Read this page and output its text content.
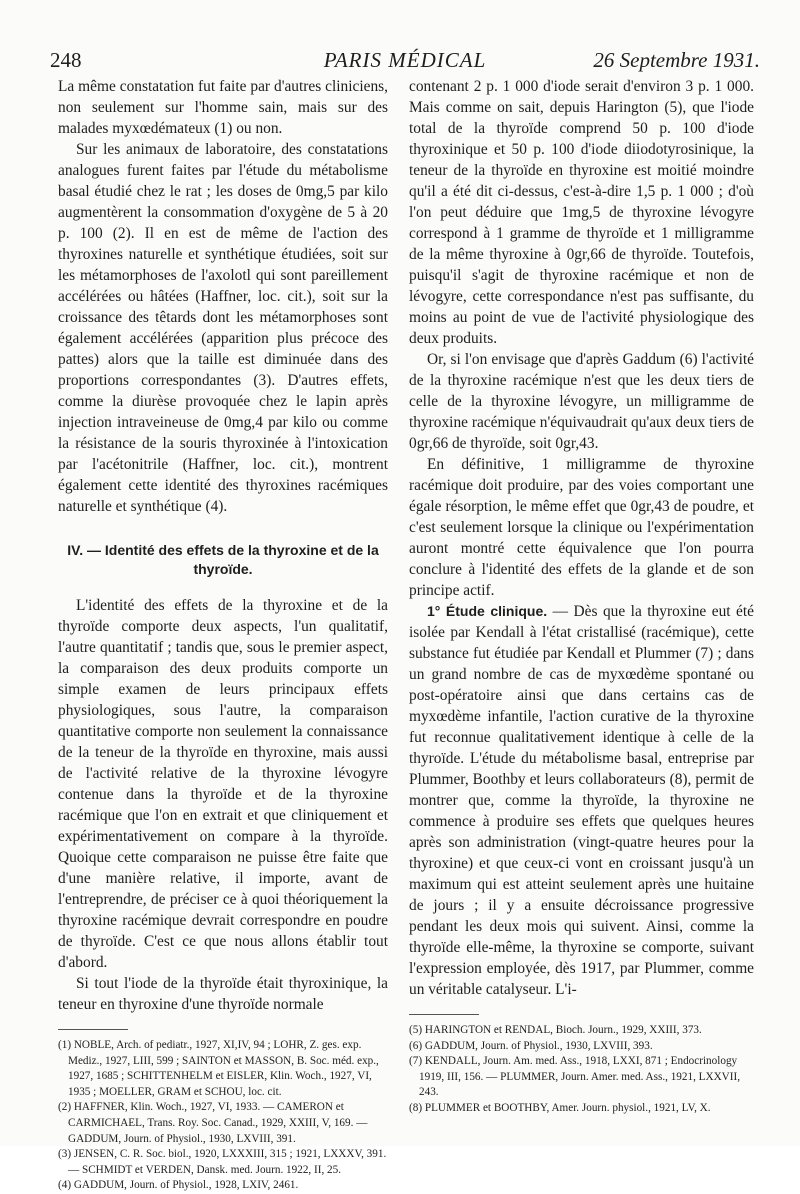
248	PARIS MÉDICAL	26 Septembre 1931.

La même constatation fut faite par d'autres cliniciens, non seulement sur l'homme sain, mais sur des malades myxœdémateux (1) ou non.

Sur les animaux de laboratoire, des constatations analogues furent faites par l'étude du métabolisme basal étudié chez le rat ; les doses de 0mg,5 par kilo augmentèrent la consommation d'oxygène de 5 à 20 p. 100 (2). Il en est de même de l'action des thyroxines naturelle et synthétique étudiées, soit sur les métamorphoses de l'axolotl qui sont pareillement accélérées ou hâtées (Haffner, loc. cit.), soit sur la croissance des têtards dont les métamorphoses sont également accélérées (apparition plus précoce des pattes) alors que la taille est diminuée dans des proportions correspondantes (3). D'autres effets, comme la diurèse provoquée chez le lapin après injection intraveineuse de 0mg,4 par kilo ou comme la résistance de la souris thyroxinée à l'intoxication par l'acétonitrile (Haffner, loc. cit.), montrent également cette identité des thyroxines racémiques naturelle et synthétique (4).

IV. — Identité des effets de la thyroxine et de la thyroïde.

L'identité des effets de la thyroxine et de la thyroïde comporte deux aspects, l'un qualitatif, l'autre quantitatif ; tandis que, sous le premier aspect, la comparaison des deux produits comporte un simple examen de leurs principaux effets physiologiques, sous l'autre, la comparaison quantitative comporte non seulement la connaissance de la teneur de la thyroïde en thyroxine, mais aussi de l'activité relative de la thyroxine lévogyre contenue dans la thyroïde et de la thyroxine racémique que l'on en extrait et que cliniquement et expérimentativement on compare à la thyroïde. Quoique cette comparaison ne puisse être faite que d'une manière relative, il importe, avant de l'entreprendre, de préciser ce à quoi théoriquement la thyroxine racémique devrait correspondre en poudre de thyroïde. C'est ce que nous allons établir tout d'abord.

Si tout l'iode de la thyroïde était thyroxinique, la teneur en thyroxine d'une thyroïde normale

(1) NOBLE, Arch. of pediatr., 1927, XI,IV, 94 ; LOHR, Z. ges. exp. Mediz., 1927, LIII, 599 ; SAINTON et MASSON, B. Soc. méd. exp., 1927, 1685 ; SCHITTENHELM et EISLER, Klin. Woch., 1927, VI, 1935 ; MOELLER, GRAM et SCHOU, loc. cit.
(2) HAFFNER, Klin. Woch., 1927, VI, 1933. — CAMERON et CARMICHAEL, Trans. Roy. Soc. Canad., 1929, XXIII, V, 169. — GADDUM, Journ. of Physiol., 1930, LXVIII, 391.
(3) JENSEN, C. R. Soc. biol., 1920, LXXXIII, 315 ; 1921, LXXXV, 391. — SCHMIDT et VERDEN, Dansk. med. Journ. 1922, II, 25.
(4) GADDUM, Journ. of Physiol., 1928, LXIV, 2461.

contenant 2 p. 1 000 d'iode serait d'environ 3 p. 1 000. Mais comme on sait, depuis Harington (5), que l'iode total de la thyroïde comprend 50 p. 100 d'iode thyroxinique et 50 p. 100 d'iode diiodotyrosinique, la teneur de la thyroïde en thyroxine est moitié moindre qu'il a été dit ci-dessus, c'est-à-dire 1,5 p. 1 000 ; d'où l'on peut déduire que 1mg,5 de thyroxine lévogyre correspond à 1 gramme de thyroïde et 1 milligramme de la même thyroxine à 0gr,66 de thyroïde. Toutefois, puisqu'il s'agit de thyroxine racémique et non de lévogyre, cette correspondance n'est pas suffisante, du moins au point de vue de l'activité physiologique des deux produits.

Or, si l'on envisage que d'après Gaddum (6) l'activité de la thyroxine racémique n'est que les deux tiers de celle de la thyroxine lévogyre, un milligramme de thyroxine racémique n'équivaudrait qu'aux deux tiers de 0gr,66 de thyroïde, soit 0gr,43.

En définitive, 1 milligramme de thyroxine racémique doit produire, par des voies comportant une égale résorption, le même effet que 0gr,43 de poudre, et c'est seulement lorsque la clinique ou l'expérimentation auront montré cette équivalence que l'on pourra conclure à l'identité des effets de la glande et de son principe actif.

1° Étude clinique. — Dès que la thyroxine eut été isolée par Kendall à l'état cristallisé (racémique), cette substance fut étudiée par Kendall et Plummer (7) ; dans un grand nombre de cas de myxœdème spontané ou post-opératoire ainsi que dans certains cas de myxœdème infantile, l'action curative de la thyroxine fut reconnue qualitativement identique à celle de la thyroïde. L'étude du métabolisme basal, entreprise par Plummer, Boothby et leurs collaborateurs (8), permit de montrer que, comme la thyroïde, la thyroxine ne commence à produire ses effets que quelques heures après son administration (vingt-quatre heures pour la thyroxine) et que ceux-ci vont en croissant jusqu'à un maximum qui est atteint seulement après une huitaine de jours ; il y a ensuite décroissance progressive pendant les deux mois qui suivent. Ainsi, comme la thyroïde elle-même, la thyroxine se comporte, suivant l'expression employée, dès 1917, par Plummer, comme un véritable catalyseur. L'i-

(5) HARINGTON et RENDAL, Bioch. Journ., 1929, XXIII, 373.
(6) GADDUM, Journ. of Physiol., 1930, LXVIII, 393.
(7) KENDALL, Journ. Am. med. Ass., 1918, LXXI, 871 ; Endocrinology 1919, III, 156. — PLUMMER, Journ. Amer. med. Ass., 1921, LXXVII, 243.
(8) PLUMMER et BOOTHBY, Amer. Journ. physiol., 1921, LV, X.
